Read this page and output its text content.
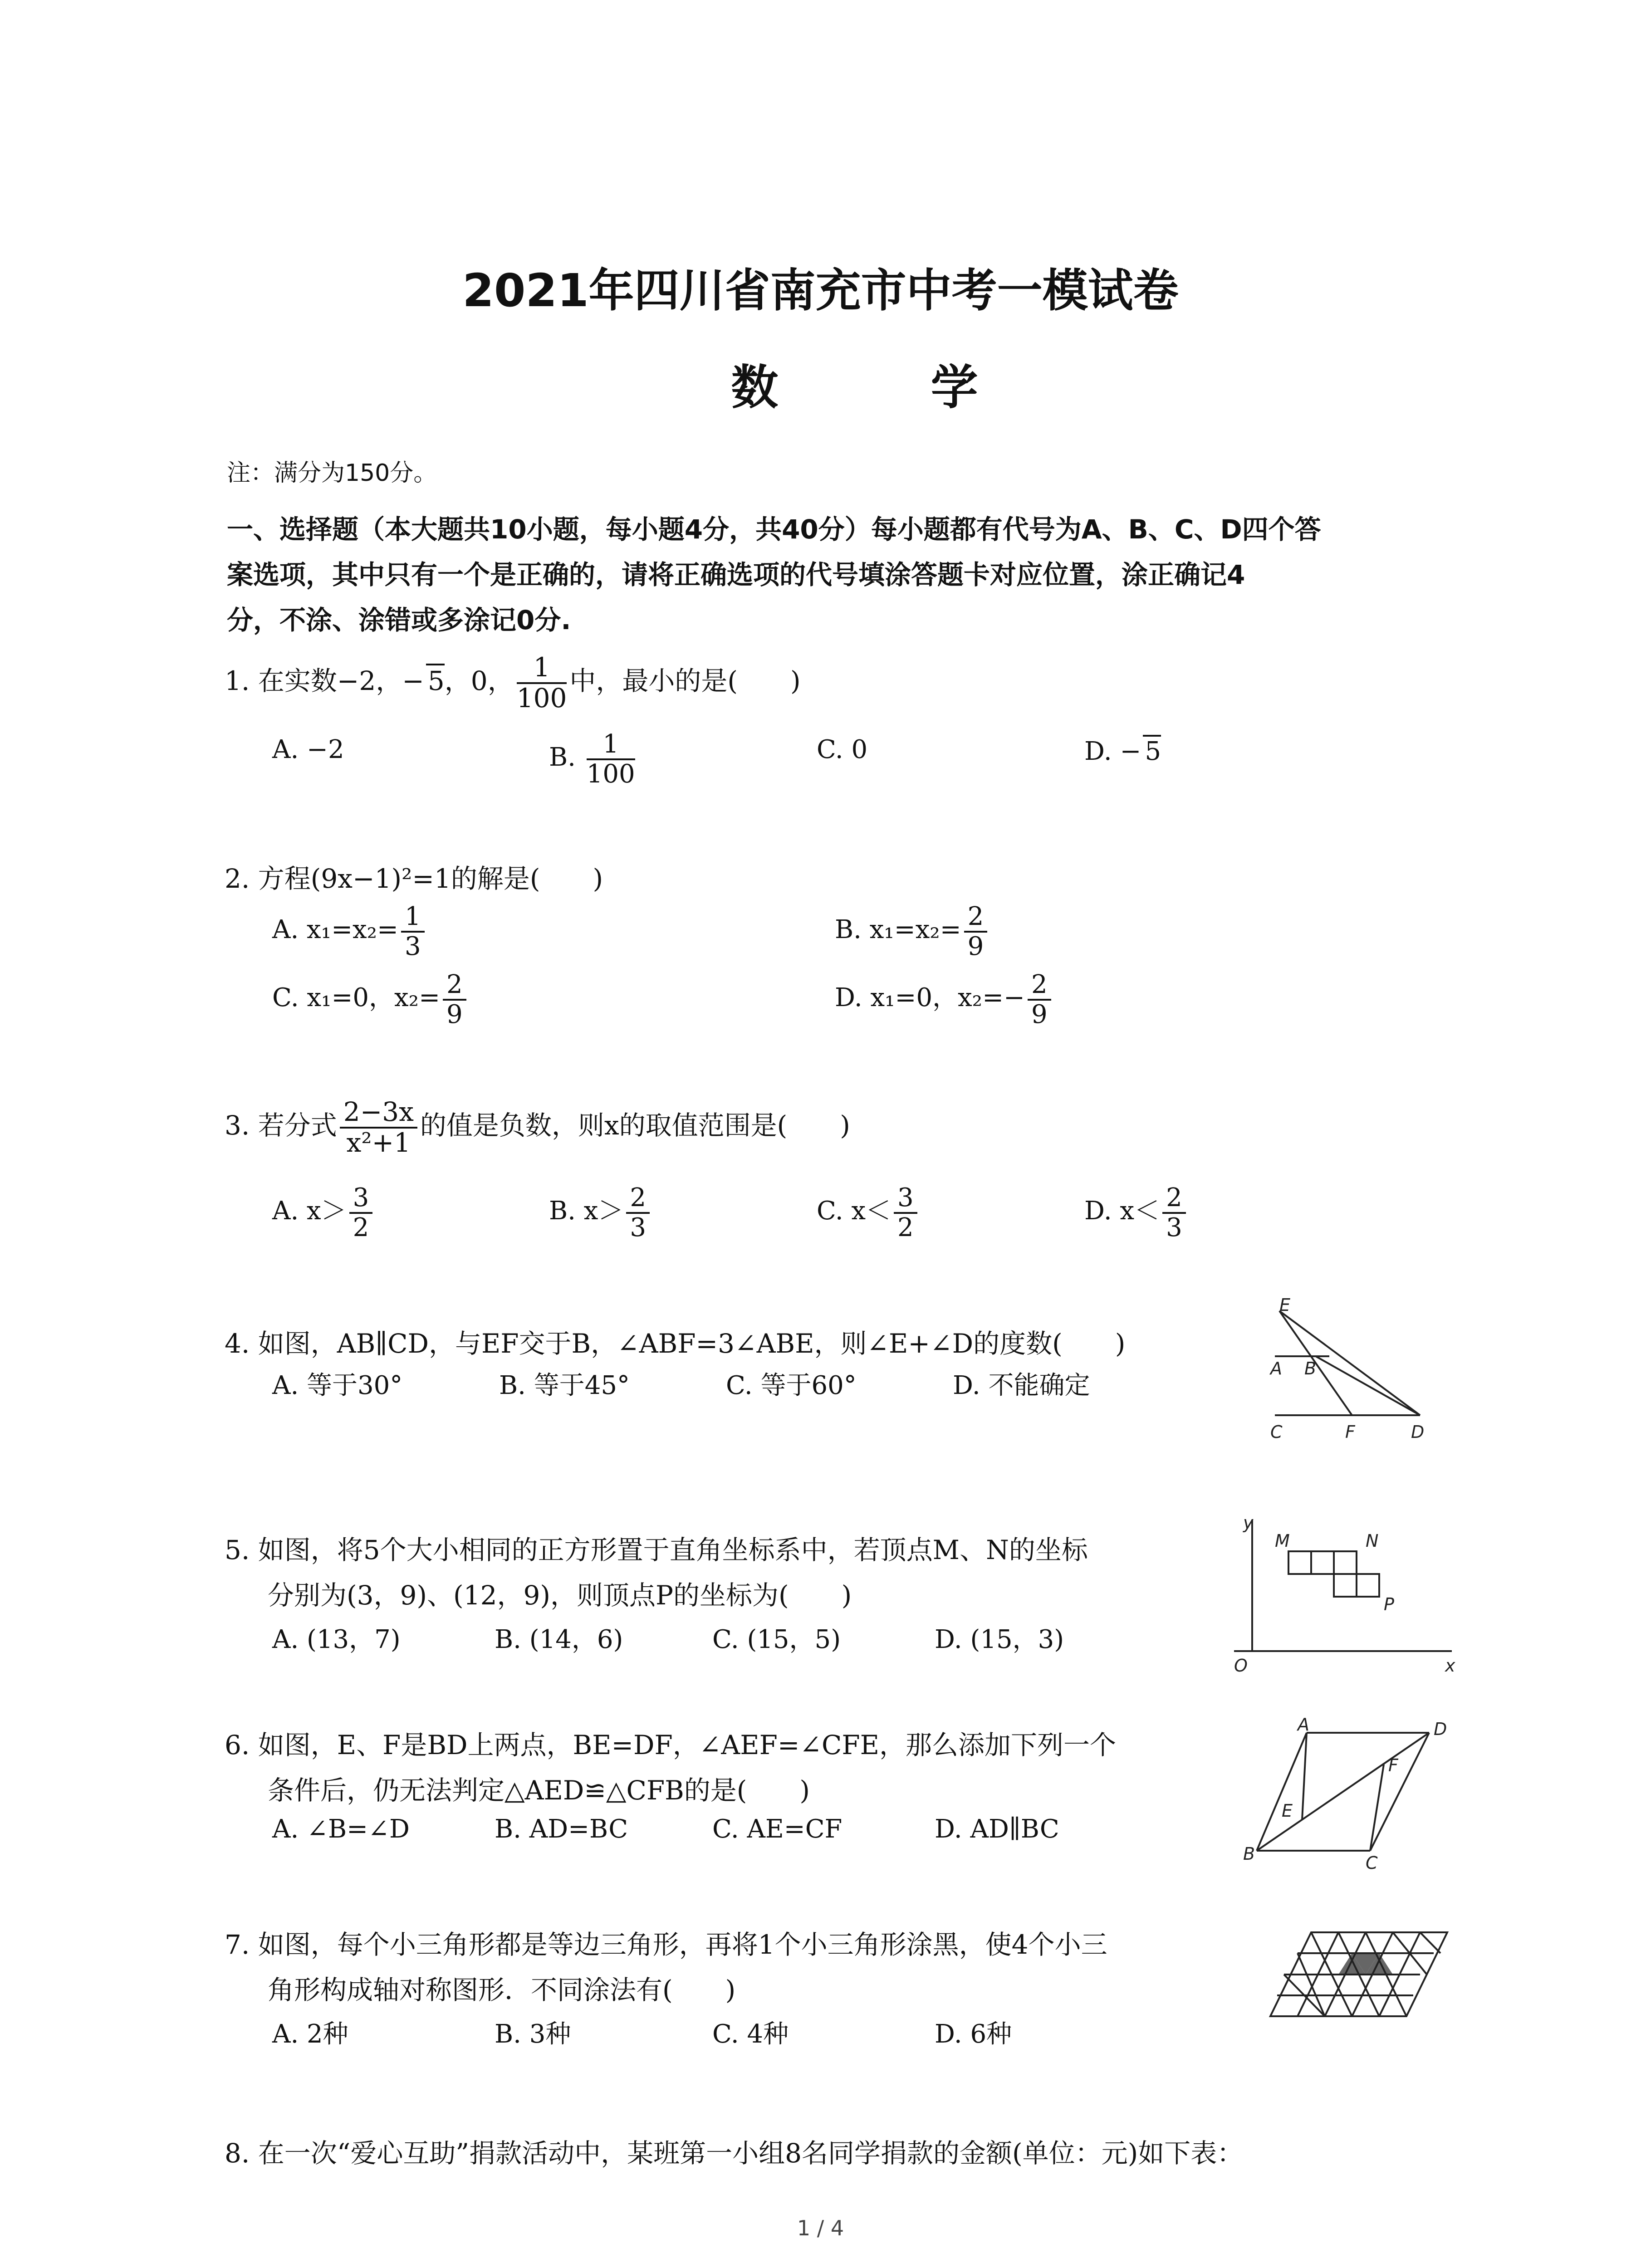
2021年四川省南充市中考一模试卷
数 学
注：满分为150分。
一、选择题（本大题共10小题，每小题4分，共40分）每小题都有代号为A、B、C、D四个答
案选项，其中只有一个是正确的，请将正确选项的代号填涂答题卡对应位置，涂正确记4
分，不涂、涂错或多涂记0分.
1. 在实数−2，− 5，0， $\frac{1}{100}$ 中，最小的是(　　)
A. −2	B. $\frac{1}{100}$	C. 0	D. − 5
2. 方程(9x−1)²=1的解是(　　)
A. $x_1=x_2= \frac{1}{3}$	B. $x_1=x_2= \frac{2}{9}$
C. x₁=0，$x_2= \frac{2}{9}$	D. x₁=0，$x_2=- \frac{2}{9}$
3. 若分式 $\frac{2-3x}{\text{x²+1}}$ 的值是负数，则x的取值范围是(　　)
A. $x> \frac{3}{2}$	B. $x> \frac{2}{3}$	C. $x< \frac{3}{2}$	D. $x< \frac{2}{3}$
4. 如图，AB∥CD，与EF交于B，∠ABF=3∠ABE，则∠E+∠D的度数(　　)
A. 等于30°	B. 等于45°	C. 等于60°	D. 不能确定
E
A B
C	F	D
5. 如图，将5个大小相同的正方形置于直角坐标系中，若顶点M、N的坐标
分别为(3，9)、(12，9)，则顶点P的坐标为(　　)
A. (13，7)	B. (14，6)	C. (15，5)	D. (15，3)
y
M	N
P
O	x
6. 如图，E、F是BD上两点，BE=DF，∠AEF=∠CFE，那么添加下列一个
条件后，仍无法判定△AED≌△CFB的是(　　)
A. ∠B=∠D	B. AD=BC	C. AE=CF	D. AD∥BC
A	D
F
E
B	C
7. 如图，每个小三角形都是等边三角形，再将1个小三角形涂黑，使4个小三
角形构成轴对称图形．不同涂法有(　　)
A. 2种	B. 3种	C. 4种	D. 6种
8. 在一次“爱心互助”捐款活动中，某班第一小组8名同学捐款的金额(单位：元)如下表：
1 / 4
